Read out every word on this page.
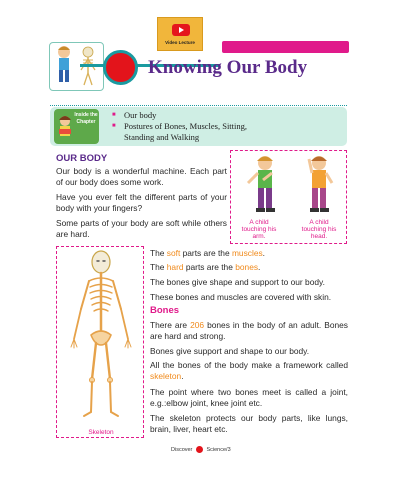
Video Lecture
Knowing Our Body
Inside the Chapter
■ Our body
■ Postures of Bones, Muscles, Sitting, Standing and Walking
OUR BODY
Our body is a wonderful machine. Each part of our body does some work.
Have you ever felt the different parts of your body with your fingers?
Some parts of your body are soft while others are hard.
A child touching his arm.
A child touching his head.
Skeleton
The soft parts are the muscles.
The hard parts are the bones.
The bones give shape and support to our body.
These bones and muscles are covered with skin.
Bones
There are 206 bones in the body of an adult. Bones are hard and strong.
Bones give support and shape to our body.
All the bones of the body make a framework called skeleton.
The point where two bones meet is called a joint, e.g.:elbow joint, knee joint etc.
The skeleton protects our body parts, like lungs, brain, liver, heart etc.
Discover	Science/3
